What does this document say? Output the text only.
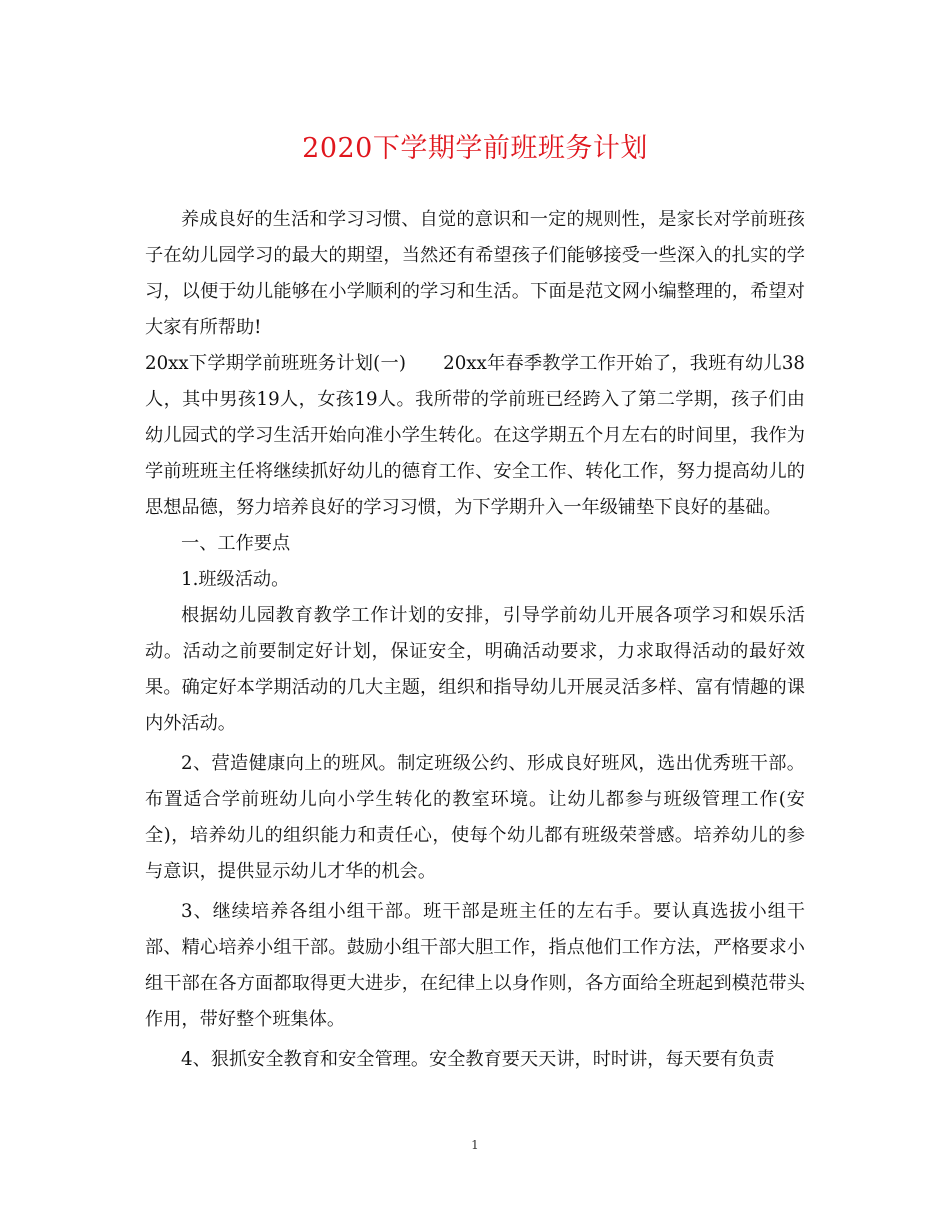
2020下学期学前班班务计划

养成良好的生活和学习习惯、自觉的意识和一定的规则性，是家长对学前班孩子在幼儿园学习的最大的期望，当然还有希望孩子们能够接受一些深入的扎实的学习，以便于幼儿能够在小学顺利的学习和生活。下面是范文网小编整理的，希望对大家有所帮助!

20xx下学期学前班班务计划(一)　　20xx年春季教学工作开始了，我班有幼儿38人，其中男孩19人，女孩19人。我所带的学前班已经跨入了第二学期，孩子们由幼儿园式的学习生活开始向准小学生转化。在这学期五个月左右的时间里，我作为学前班班主任将继续抓好幼儿的德育工作、安全工作、转化工作，努力提高幼儿的思想品德，努力培养良好的学习习惯，为下学期升入一年级铺垫下良好的基础。

一、工作要点

1.班级活动。

根据幼儿园教育教学工作计划的安排，引导学前幼儿开展各项学习和娱乐活动。活动之前要制定好计划，保证安全，明确活动要求，力求取得活动的最好效果。确定好本学期活动的几大主题，组织和指导幼儿开展灵活多样、富有情趣的课内外活动。

2、营造健康向上的班风。制定班级公约、形成良好班风，选出优秀班干部。布置适合学前班幼儿向小学生转化的教室环境。让幼儿都参与班级管理工作(安全)，培养幼儿的组织能力和责任心，使每个幼儿都有班级荣誉感。培养幼儿的参与意识，提供显示幼儿才华的机会。

3、继续培养各组小组干部。班干部是班主任的左右手。要认真选拔小组干部、精心培养小组干部。鼓励小组干部大胆工作，指点他们工作方法，严格要求小组干部在各方面都取得更大进步，在纪律上以身作则，各方面给全班起到模范带头作用，带好整个班集体。

4、狠抓安全教育和安全管理。安全教育要天天讲，时时讲，每天要有负责

1
